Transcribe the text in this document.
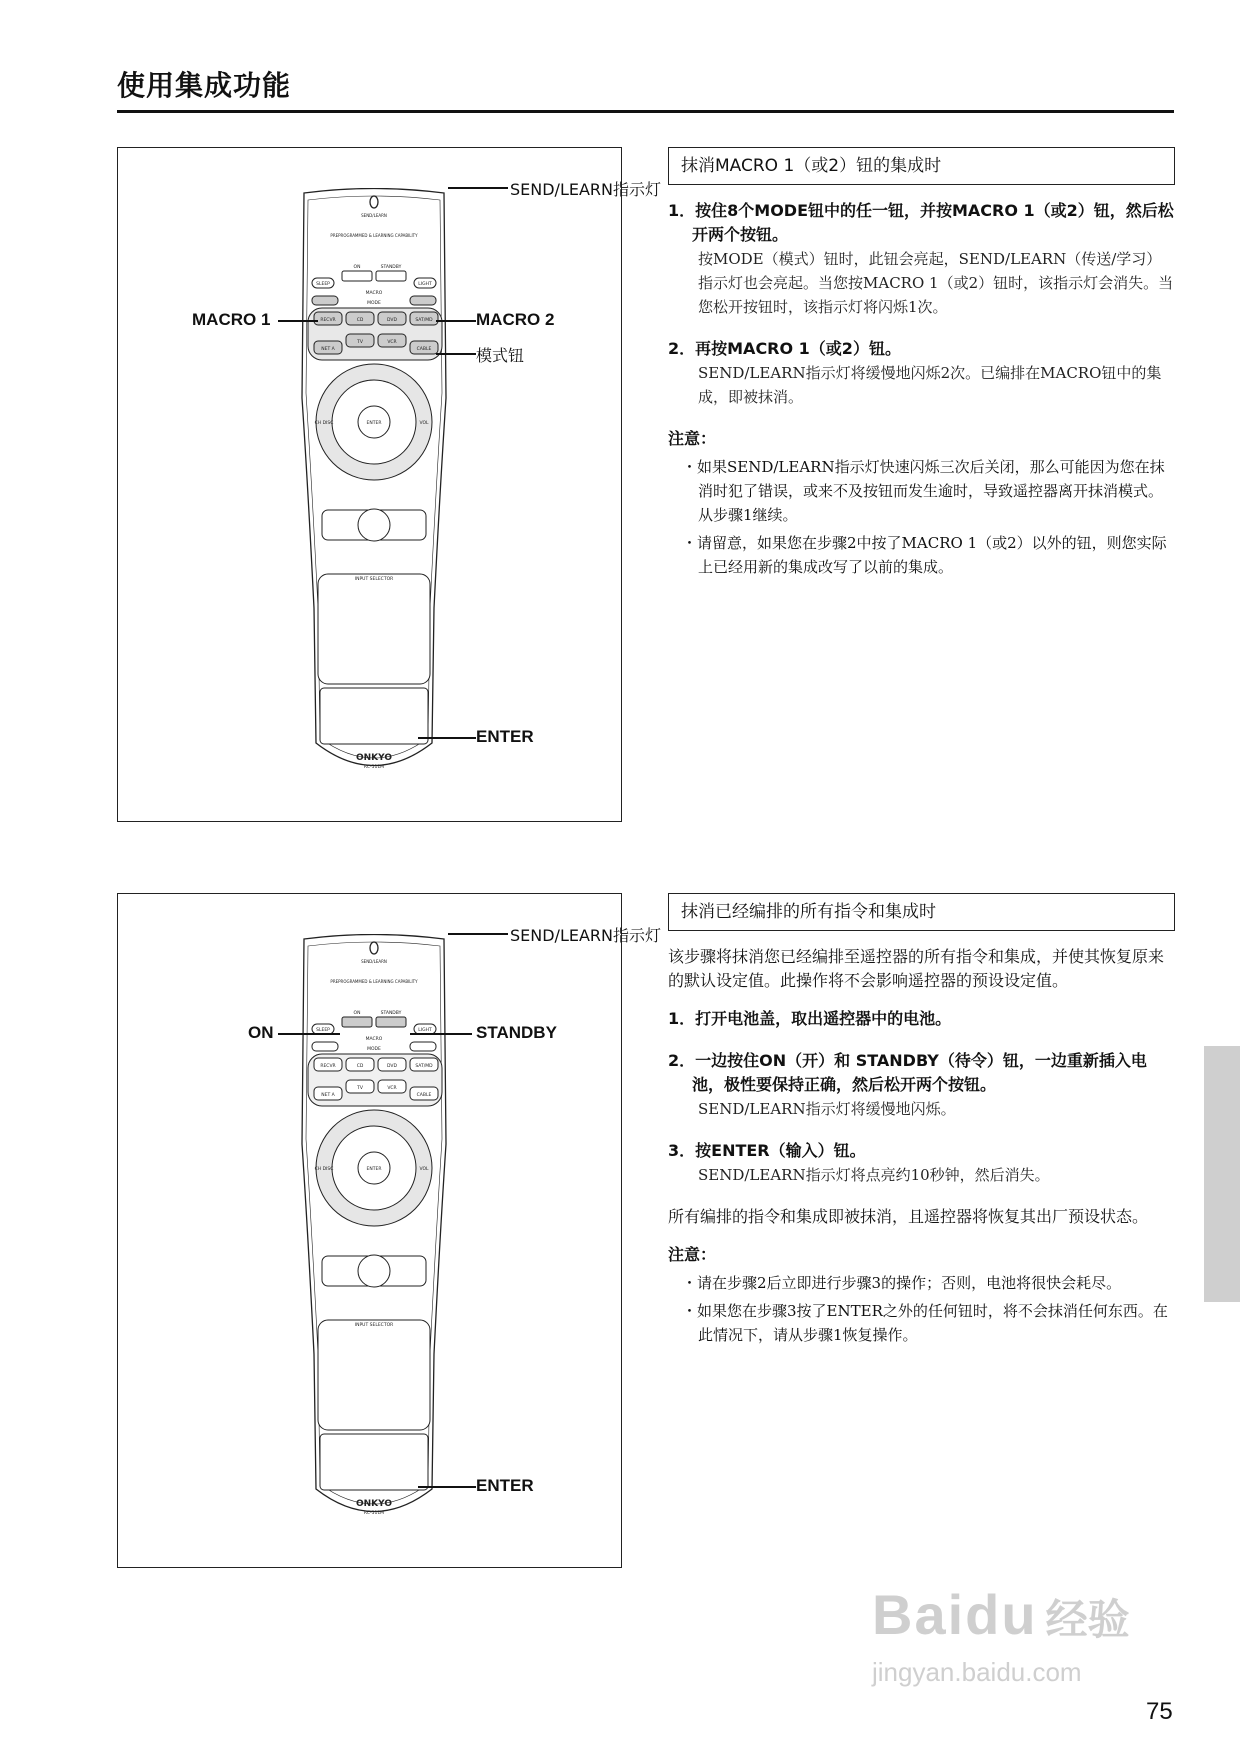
使用集成功能
SEND/LEARN
PREPROGRAMMED & LEARNING CAPABILITY
ON	STANDBY
SLEEP	LIGHT
MACRO
MODE
RECVR	CD	DVD	SAT/MD
NET A
TV	VCR
CABLE
ENTER
CH DISC	VOL
INPUT SELECTOR
ONKYO
RC-511M
SEND/LEARN指示灯
MACRO 1	MACRO 2
模式钮
ENTER
SEND/LEARN
PREPROGRAMMED & LEARNING CAPABILITY
ON	STANDBY
SLEEP	LIGHT
MACRO
MODE
RECVR	CD	DVD	SAT/MD
NET A
TV	VCR
CABLE
ENTER
CH DISC	VOL
INPUT SELECTOR
ONKYO
RC-511M
SEND/LEARN指示灯
ON	STANDBY
ENTER
抹消MACRO 1（或2）钮的集成时
1．按住8个MODE钮中的任一钮，并按MACRO 1（或2）钮，然后松开两个按钮。
按MODE（模式）钮时，此钮会亮起，SEND/LEARN（传送/学习）指示灯也会亮起。当您按MACRO 1（或2）钮时，该指示灯会消失。当您松开按钮时，该指示灯将闪烁1次。
2．再按MACRO 1（或2）钮。
SEND/LEARN指示灯将缓慢地闪烁2次。已编排在MACRO钮中的集成，即被抹消。
注意：
・如果SEND/LEARN指示灯快速闪烁三次后关闭，那么可能因为您在抹消时犯了错误，或来不及按钮而发生逾时，导致遥控器离开抹消模式。从步骤1继续。
・请留意，如果您在步骤2中按了MACRO 1（或2）以外的钮，则您实际上已经用新的集成改写了以前的集成。
抹消已经编排的所有指令和集成时
该步骤将抹消您已经编排至遥控器的所有指令和集成，并使其恢复原来的默认设定值。此操作将不会影响遥控器的预设设定值。
1．打开电池盖，取出遥控器中的电池。
2．一边按住ON（开）和 STANDBY（待令）钮，一边重新插入电池，极性要保持正确，然后松开两个按钮。
SEND/LEARN指示灯将缓慢地闪烁。
3．按ENTER（输入）钮。
SEND/LEARN指示灯将点亮约10秒钟，然后消失。
所有编排的指令和集成即被抹消，且遥控器将恢复其出厂预设状态。
注意：
・请在步骤2后立即进行步骤3的操作；否则，电池将很快会耗尽。
・如果您在步骤3按了ENTER之外的任何钮时，将不会抹消任何东西。在此情况下，请从步骤1恢复操作。
Baidu 经验
jingyan.baidu.com
75
